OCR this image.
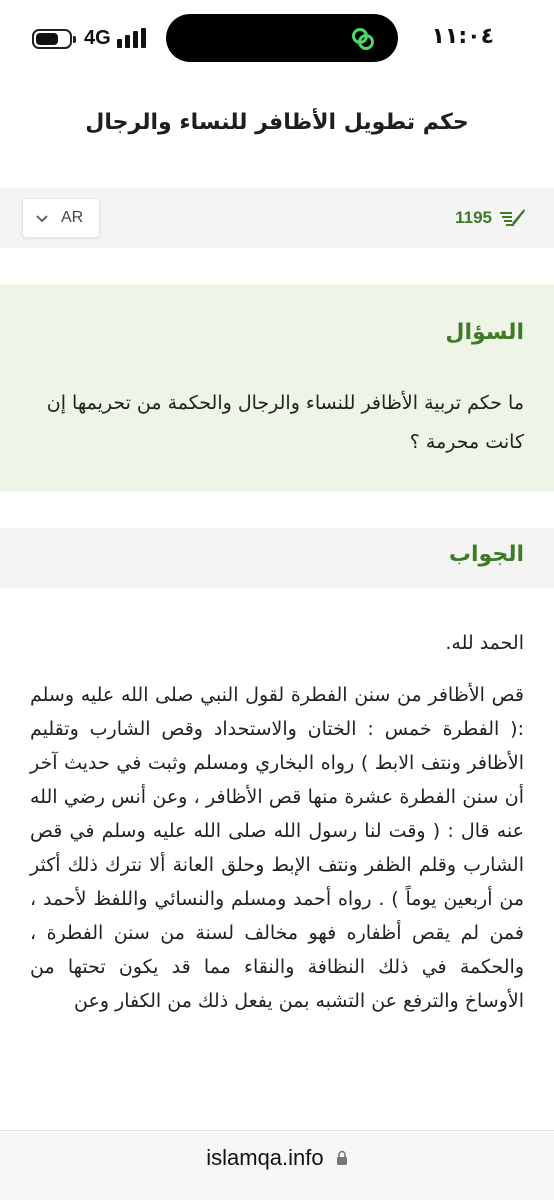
4G	١١:٠٤
حكم تطويل الأظافر للنساء والرجال
AR	1195
السؤال

ما حكم تربية الأظافر للنساء والرجال والحكمة من تحريمها إن كانت محرمة ؟

الجواب

الحمد لله.

قص الأظافر من سنن الفطرة لقول النبي صلى الله عليه وسلم :( الفطرة خمس : الختان والاستحداد وقص الشارب وتقليم الأظافر ونتف الابط ) رواه البخاري ومسلم وثبت في حديث آخر أن سنن الفطرة عشرة منها قص الأظافر ، وعن أنس رضي الله عنه قال : ( وقت لنا رسول الله صلى الله عليه وسلم في قص الشارب وقلم الظفر ونتف الإبط وحلق العانة ألا نترك ذلك أكثر من أربعين يوماً ) . رواه أحمد ومسلم والنسائي واللفظ لأحمد ، فمن لم يقص أظفاره فهو مخالف لسنة من سنن الفطرة ، والحكمة في ذلك النظافة والنقاء مما قد يكون تحتها من الأوساخ والترفع عن التشبه بمن يفعل ذلك من الكفار وعن

islamqa.info
